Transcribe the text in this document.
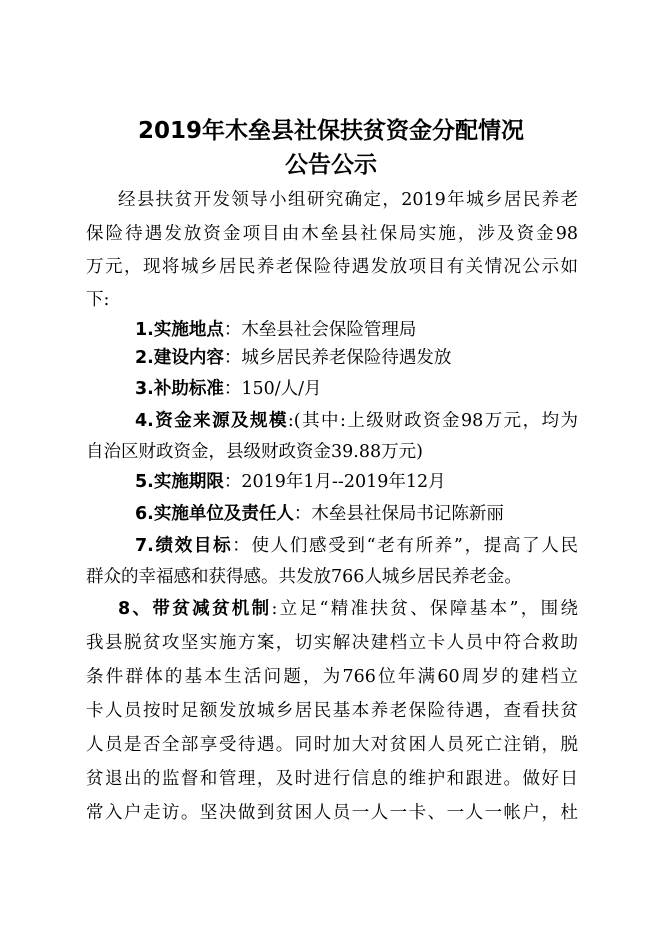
2019年木垒县社保扶贫资金分配情况
公告公示
经县扶贫开发领导小组研究确定，2019年城乡居民养老
保险待遇发放资金项目由木垒县社保局实施，涉及资金98
万元，现将城乡居民养老保险待遇发放项目有关情况公示如
下:
1.实施地点：木垒县社会保险管理局
2.建设内容：城乡居民养老保险待遇发放
3.补助标准：150/人/月
4.资金来源及规模:(其中:上级财政资金98万元，均为
自治区财政资金，县级财政资金39.88万元)
5.实施期限：2019年1月--2019年12月
6.实施单位及责任人：木垒县社保局书记陈新丽
7.绩效目标：使人们感受到“老有所养”，提高了人民
群众的幸福感和获得感。共发放766人城乡居民养老金。
8、带贫减贫机制:立足“精准扶贫、保障基本”，围绕
我县脱贫攻坚实施方案，切实解决建档立卡人员中符合救助
条件群体的基本生活问题，为766位年满60周岁的建档立
卡人员按时足额发放城乡居民基本养老保险待遇，查看扶贫
人员是否全部享受待遇。同时加大对贫困人员死亡注销，脱
贫退出的监督和管理，及时进行信息的维护和跟进。做好日
常入户走访。坚决做到贫困人员一人一卡、一人一帐户，杜
